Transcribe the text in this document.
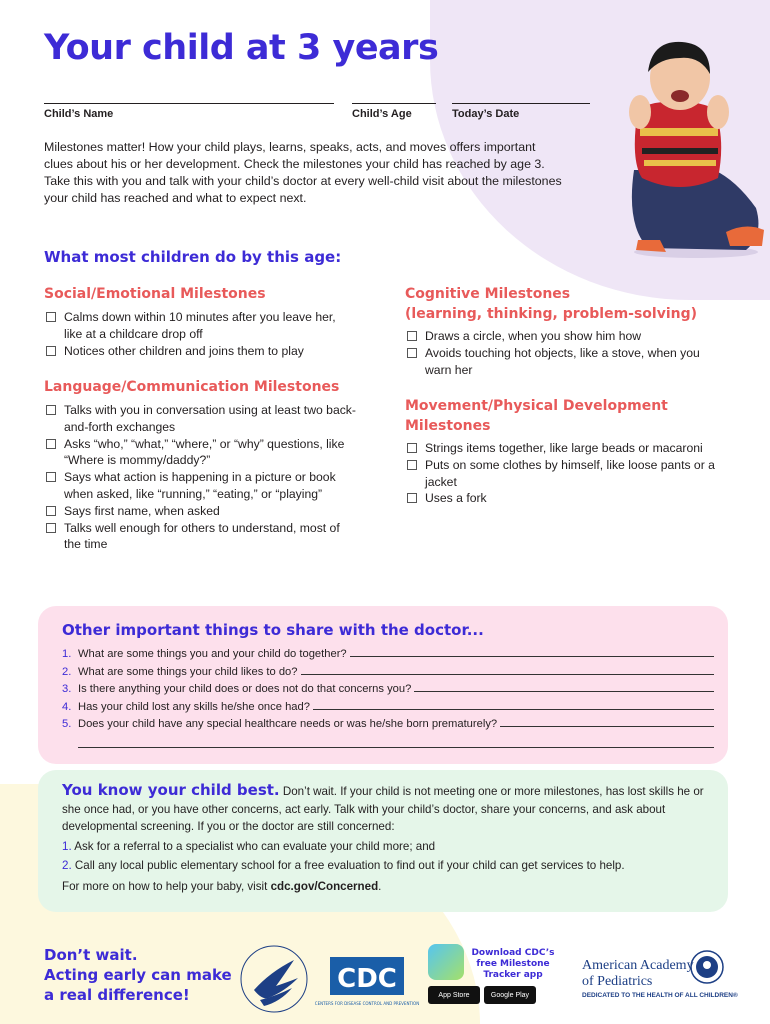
Your child at 3 years
Child’s Name	Child’s Age	Today’s Date

Milestones matter! How your child plays, learns, speaks, acts, and moves offers important clues about his or her development. Check the milestones your child has reached by age 3. Take this with you and talk with your child’s doctor at every well-child visit about the milestones your child has reached and what to expect next.

What most children do by this age:
Social/Emotional Milestones
Calms down within 10 minutes after you leave her, like at a childcare drop off
Notices other children and joins them to play
Language/Communication Milestones
Talks with you in conversation using at least two back-and-forth exchanges
Asks “who,” “what,” “where,” or “why” questions, like “Where is mommy/daddy?”
Says what action is happening in a picture or book when asked, like “running,” “eating,” or “playing”
Says first name, when asked
Talks well enough for others to understand, most of the time
Cognitive Milestones
(learning, thinking, problem-solving)
Draws a circle, when you show him how
Avoids touching hot objects, like a stove, when you warn her
Movement/Physical Development
Milestones
Strings items together, like large beads or macaroni
Puts on some clothes by himself, like loose pants or a jacket
Uses a fork
Other important things to share with the doctor...
1. What are some things you and your child do together?
2. What are some things your child likes to do?
3. Is there anything your child does or does not do that concerns you?
4. Has your child lost any skills he/she once had?
5. Does your child have any special healthcare needs or was he/she born prematurely?

You know your child best. Don’t wait. If your child is not meeting one or more milestones, has lost skills he or she once had, or you have other concerns, act early. Talk with your child’s doctor, share your concerns, and ask about developmental screening. If you or the doctor are still concerned:

1. Ask for a referral to a specialist who can evaluate your child more; and

2. Call any local public elementary school for a free evaluation to find out if your child can get services to help.

For more on how to help your baby, visit cdc.gov/Concerned.

Don’t wait.
Acting early can make
a real difference!
CDC
CENTERS FOR DISEASE CONTROL AND PREVENTION
Download CDC’s free Milestone Tracker app
App Store	Google Play
American Academy
of Pediatrics
DEDICATED TO THE HEALTH OF ALL CHILDREN®
